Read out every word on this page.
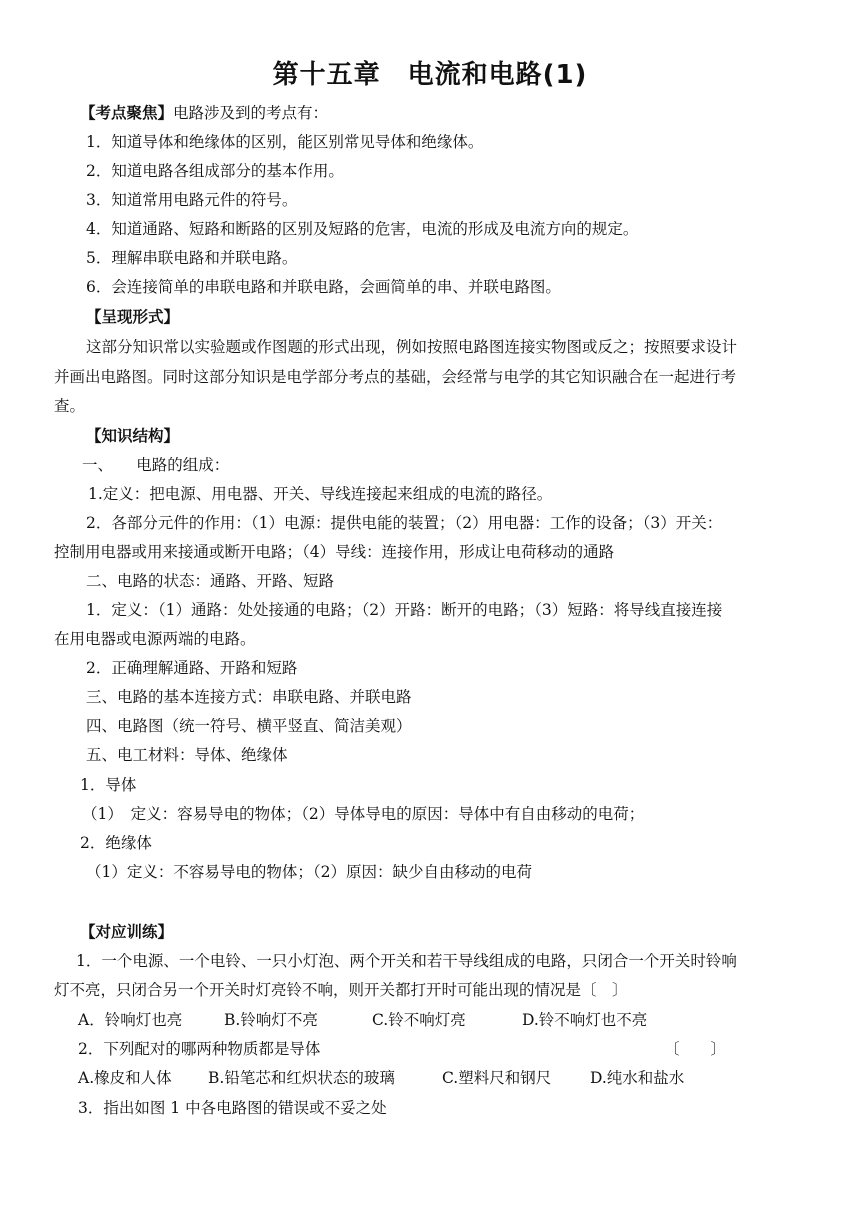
第十五章　电流和电路(1)
【考点聚焦】电路涉及到的考点有：
1．知道导体和绝缘体的区别，能区别常见导体和绝缘体。
2．知道电路各组成部分的基本作用。
3．知道常用电路元件的符号。
4．知道通路、短路和断路的区别及短路的危害，电流的形成及电流方向的规定。
5．理解串联电路和并联电路。
6．会连接简单的串联电路和并联电路，会画简单的串、并联电路图。
【呈现形式】
这部分知识常以实验题或作图题的形式出现，例如按照电路图连接实物图或反之；按照要求设计
并画出电路图。同时这部分知识是电学部分考点的基础，会经常与电学的其它知识融合在一起进行考
查。
【知识结构】
一、　　电路的组成：
1.定义：把电源、用电器、开关、导线连接起来组成的电流的路径。
2．各部分元件的作用：（1）电源：提供电能的装置；（2）用电器：工作的设备；（3）开关：
控制用电器或用来接通或断开电路；（4）导线：连接作用，形成让电荷移动的通路
二、电路的状态：通路、开路、短路
1．定义：（1）通路：处处接通的电路；（2）开路：断开的电路；（3）短路：将导线直接连接
在用电器或电源两端的电路。
2．正确理解通路、开路和短路
三、电路的基本连接方式：串联电路、并联电路
四、电路图（统一符号、横平竖直、简洁美观）
五、电工材料：导体、绝缘体
1．导体
（1）　定义：容易导电的物体；（2）导体导电的原因：导体中有自由移动的电荷；
2．绝缘体
（1）定义：不容易导电的物体；（2）原因：缺少自由移动的电荷
【对应训练】
1．一个电源、一个电铃、一只小灯泡、两个开关和若干导线组成的电路，只闭合一个开关时铃响
灯不亮，只闭合另一个开关时灯亮铃不响，则开关都打开时可能出现的情况是〔　〕
A．铃响灯也亮	B.铃响灯不亮	C.铃不响灯亮	D.铃不响灯也不亮
2．下列配对的哪两种物质都是导体	〔　　〕
A.橡皮和人体 B.铅笔芯和红炽状态的玻璃	C.塑料尺和钢尺	D.纯水和盐水
3．指出如图 1 中各电路图的错误或不妥之处
